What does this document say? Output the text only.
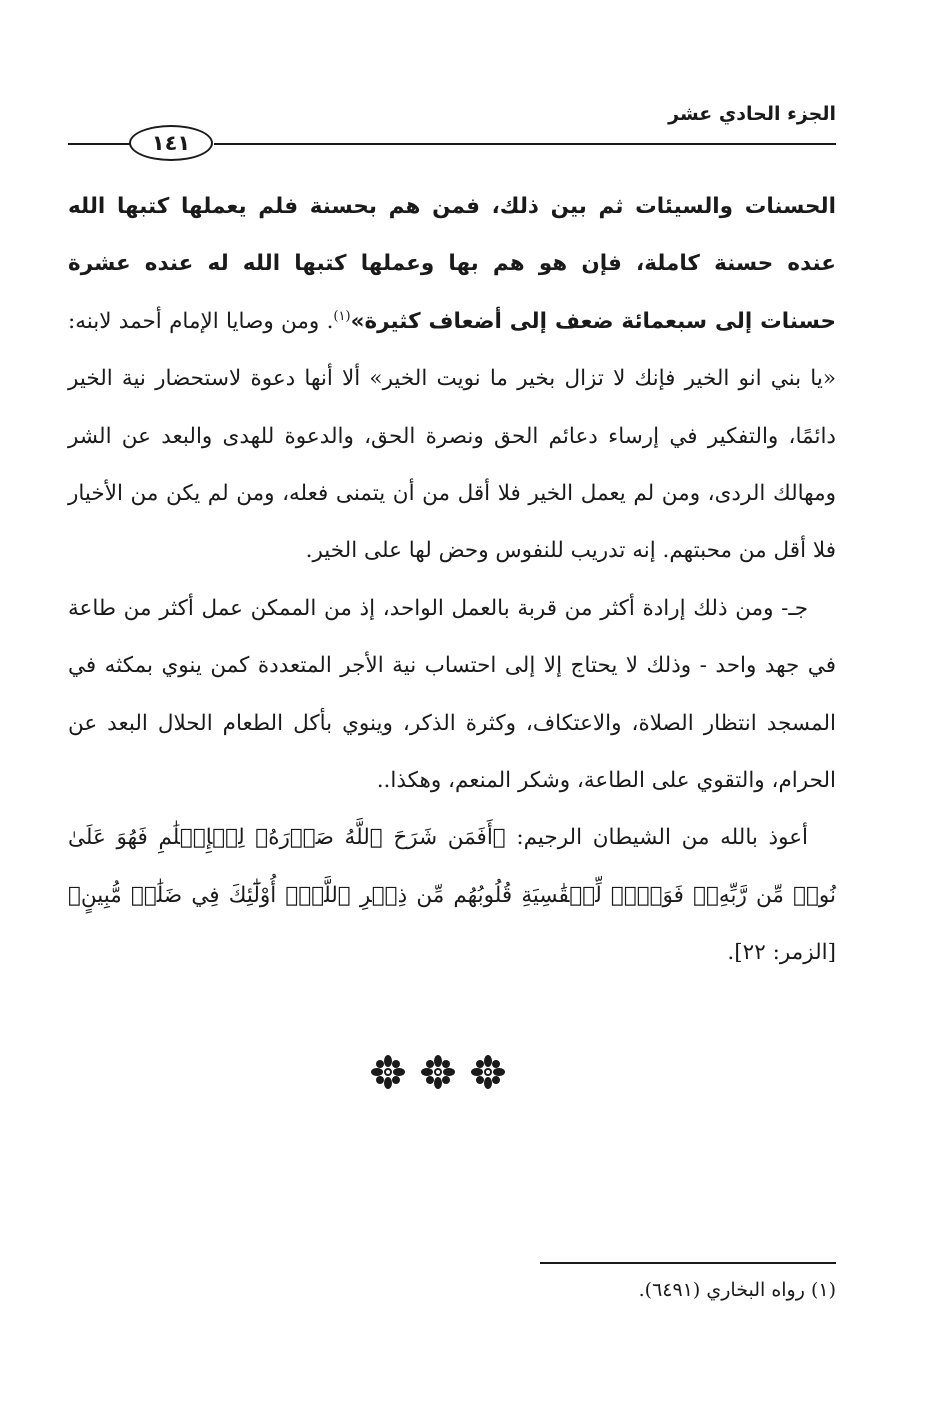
الجزء الحادي عشر
١٤١

الحسنات والسيئات ثم بين ذلك، فمن هم بحسنة فلم يعملها كتبها الله عنده حسنة كاملة، فإن هو هم بها وعملها كتبها الله له عنده عشرة حسنات إلى سبعمائة ضعف إلى أضعاف كثيرة»$^{(١)}$. ومن وصايا الإمام أحمد لابنه: «يا بني انو الخير فإنك لا تزال بخير ما نويت الخير» ألا أنها دعوة لاستحضار نية الخير دائمًا، والتفكير في إرساء دعائم الحق ونصرة الحق، والدعوة للهدى والبعد عن الشر ومهالك الردى، ومن لم يعمل الخير فلا أقل من أن يتمنى فعله، ومن لم يكن من الأخيار فلا أقل من محبتهم. إنه تدريب للنفوس وحض لها على الخير.

جـ- ومن ذلك إرادة أكثر من قربة بالعمل الواحد، إذ من الممكن عمل أكثر من طاعة في جهد واحد - وذلك لا يحتاج إلا إلى احتساب نية الأجر المتعددة كمن ينوي بمكثه في المسجد انتظار الصلاة، والاعتكاف، وكثرة الذكر، وينوي بأكل الطعام الحلال البعد عن الحرام، والتقوي على الطاعة، وشكر المنعم، وهكذا..

أعوذ بالله من الشيطان الرجيم: ﴿أَفَمَن شَرَحَ ٱللَّهُ صَدۡرَهُۥ لِلۡإِسۡلَٰمِ فَهُوَ عَلَىٰ نُورٖ مِّن رَّبِّهِۦۚ فَوَيۡلٞ لِّلۡقَٰسِيَةِ قُلُوبُهُم مِّن ذِكۡرِ ٱللَّهِۚ أُوْلَٰٓئِكَ فِي ضَلَٰلٖ مُّبِينٍ﴾ [الزمر: ٢٢].

(١) رواه البخاري (٦٤٩١).
